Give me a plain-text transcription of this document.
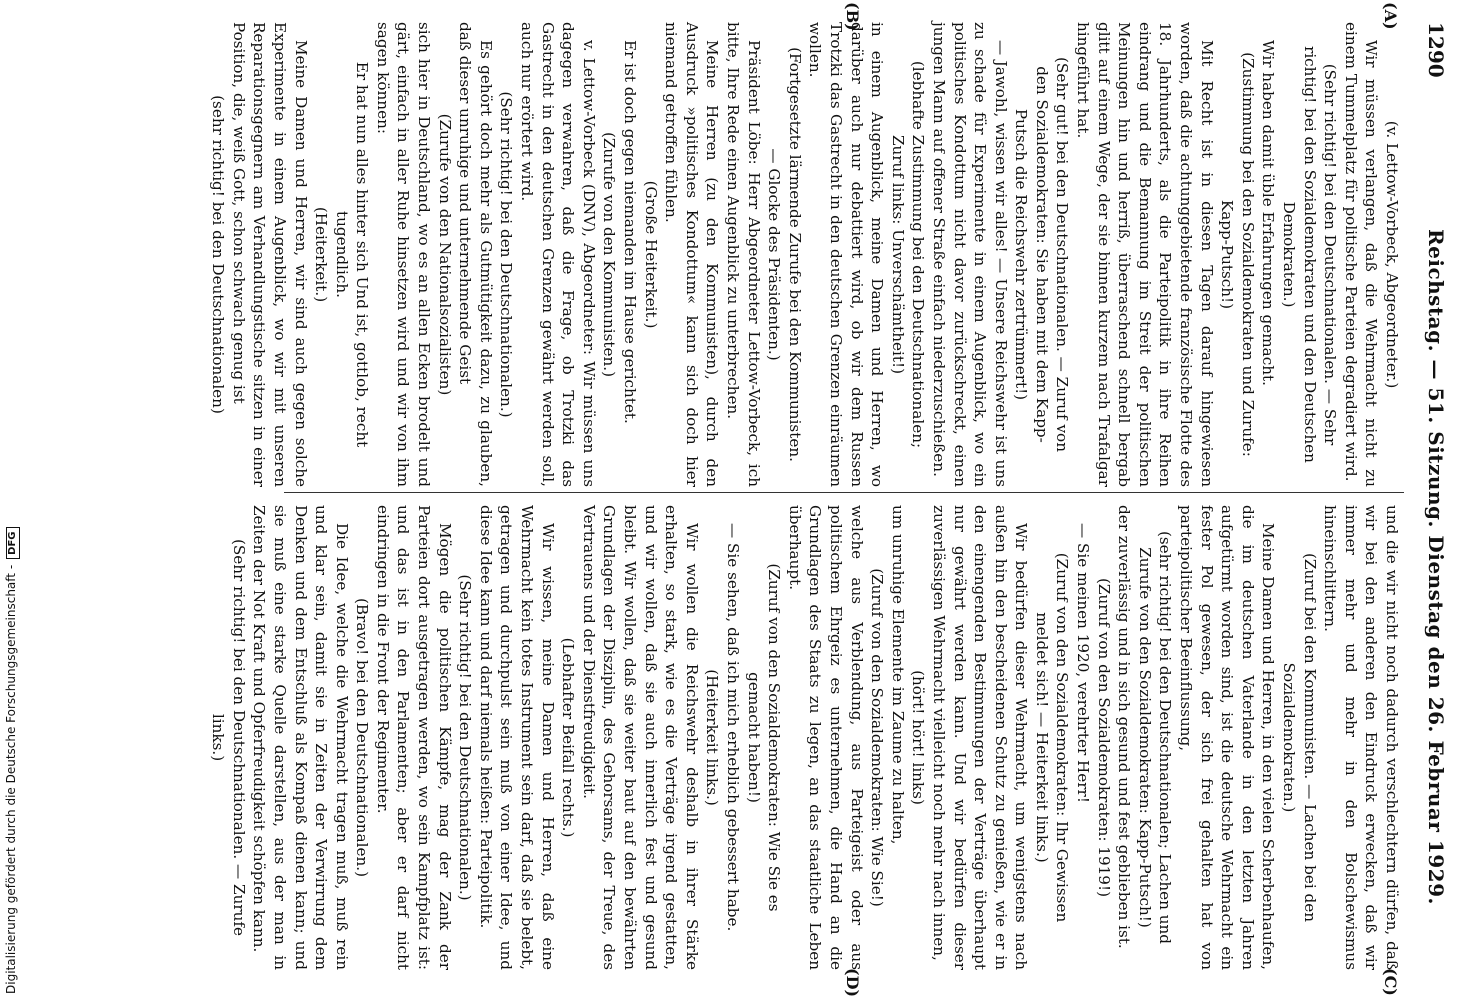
1290
Reichstag. — 51. Sitzung. Dienstag den 26. Februar 1929.
(A)
(B)
(C)
(D)

(v. Lettow-Vorbeck, Abgeordneter.)

Wir müssen verlangen, daß die Wehrmacht nicht zu einem Tummelplatz für politische Parteien degradiert wird.

(Sehr richtig! bei den Deutschnationalen. — Sehr richtig! bei den Sozialdemokraten und den Deutschen Demokraten.)

Wir haben damit üble Erfahrungen gemacht.

(Zustimmung bei den Sozialdemokraten und Zurufe: Kapp-Putsch!)

Mit Recht ist in diesen Tagen darauf hingewiesen worden, daß die achtunggebietende französische Flotte des 18. Jahrhunderts, als die Parteipolitik in ihre Reihen eindrang und die Bemannung im Streit der politischen Meinungen hin und herriß, überraschend schnell bergab glitt auf einem Wege, der sie binnen kurzem nach Trafalgar hingeführt hat.

(Sehr gut! bei den Deutschnationalen. — Zuruf von den Sozialdemokraten: Sie haben mit dem Kapp-Putsch die Reichswehr zertrümmert!)

— Jawohl, wissen wir alles! — Unsere Reichswehr ist uns zu schade für Experimente in einem Augenblick, wo ein politisches Kondottum nicht davor zurückschreckt, einen jungen Mann auf offener Straße einfach niederzuschießen.

(lebhafte Zustimmung bei den Deutschnationalen; Zuruf links: Unverschämtheit!)

in einem Augenblick, meine Damen und Herren, wo darüber auch nur debattiert wird, ob wir dem Russen Trotzki das Gastrecht in den deutschen Grenzen einräumen wollen.

(Fortgesetzte lärmende Zurufe bei den Kommunisten. — Glocke des Präsidenten.)

Präsident Löbe: Herr Abgeordneter Lettow-Vorbeck, ich bitte, Ihre Rede einen Augenblick zu unterbrechen.

Meine Herren (zu den Kommunisten), durch den Ausdruck »politisches Kondottum« kann sich doch hier niemand getroffen fühlen.

(Große Heiterkeit.)

Er ist doch gegen niemanden im Hause gerichtet.

(Zurufe von den Kommunisten.)

v. Lettow-Vorbeck (DNV), Abgeordneter: Wir müssen uns dagegen verwahren, daß die Frage, ob Trotzki das Gastrecht in den deutschen Grenzen gewährt werden soll, auch nur erörtert wird.

(Sehr richtig! bei den Deutschnationalen.)

Es gehört doch mehr als Gutmütigkeit dazu, zu glauben, daß dieser unruhige und unternehmende Geist

(Zurufe von den Nationalsozialisten)

sich hier in Deutschland, wo es an allen Ecken brodelt und gärt, einfach in aller Ruhe hinsetzen wird und wir von ihm sagen können:

Er hat nun alles hinter sich Und ist, gottlob, recht tugendlich.

(Heiterkeit.)

Meine Damen und Herren, wir sind auch gegen solche Experimente in einem Augenblick, wo wir mit unseren Reparationsgegnern am Verhandlungstische sitzen in einer Position, die, weiß Gott, schon schwach genug ist

(sehr richtig! bei den Deutschnationalen)

und die wir nicht noch dadurch verschlechtern dürfen, daß wir bei den anderen den Eindruck erwecken, daß wir immer mehr und mehr in den Bolschewismus hineinschlittern.

(Zuruf bei den Kommunisten. — Lachen bei den Sozialdemokraten.)

Meine Damen und Herren, in den vielen Scherbenhaufen, die im deutschen Vaterlande in den letzten Jahren aufgetürmt worden sind, ist die deutsche Wehrmacht ein fester Pol gewesen, der sich frei gehalten hat von parteipolitischer Beeinflussung,

(sehr richtig! bei den Deutschnationalen; Lachen und Zurufe von den Sozialdemokraten: Kapp-Putsch!)

der zuverlässig und in sich gesund und fest geblieben ist.

(Zuruf von den Sozialdemokraten: 1919!)

— Sie meinen 1920, verehrter Herr!

(Zuruf von den Sozialdemokraten: Ihr Gewissen meldet sich! — Heiterkeit links.)

Wir bedürfen dieser Wehrmacht, um wenigstens nach außen hin den bescheidenen Schutz zu genießen, wie er in den einengenden Bestimmungen der Verträge überhaupt nur gewährt werden kann. Und wir bedürfen dieser zuverlässigen Wehrmacht vielleicht noch mehr nach innen,

(hört! hört! links)

um unruhige Elemente im Zaume zu halten,

(Zuruf von den Sozialdemokraten: Wie Sie!)

welche aus Verblendung, aus Parteigeist oder aus politischem Ehrgeiz es unternehmen, die Hand an die Grundlagen des Staats zu legen, an das staatliche Leben überhaupt.

(Zuruf von den Sozialdemokraten: Wie Sie es gemacht haben!)

— Sie sehen, daß ich mich erheblich gebessert habe.

(Heiterkeit links.)

Wir wollen die Reichswehr deshalb in ihrer Stärke erhalten, so stark, wie es die Verträge irgend gestatten, und wir wollen, daß sie auch innerlich fest und gesund bleibt. Wir wollen, daß sie weiter baut auf den bewährten Grundlagen der Disziplin, des Gehorsams, der Treue, des Vertrauens und der Dienstfreudigkeit.

(Lebhafter Beifall rechts.)

Wir wissen, meine Damen und Herren, daß eine Wehrmacht kein totes Instrument sein darf, daß sie belebt, getragen und durchpulst sein muß von einer Idee, und diese Idee kann und darf niemals heißen: Parteipolitik.

(Sehr richtig! bei den Deutschnationalen.)

Mögen die politischen Kämpfe, mag der Zank der Parteien dort ausgetragen werden, wo sein Kampfplatz ist: und das ist in den Parlamenten; aber er darf nicht eindringen in die Front der Regimenter.

(Bravo! bei den Deutschnationalen.)

Die Idee, welche die Wehrmacht tragen muß, muß rein und klar sein, damit sie in Zeiten der Verwirrung dem Denken und dem Entschluß als Kompaß dienen kann; und sie muß eine starke Quelle darstellen, aus der man in Zeiten der Not Kraft und Opferfreudigkeit schöpfen kann.

(Sehr richtig! bei den Deutschnationalen. — Zurufe links.)

Digitalisierung gefördert durch die Deutsche Forschungsgemeinschaft -DFG
